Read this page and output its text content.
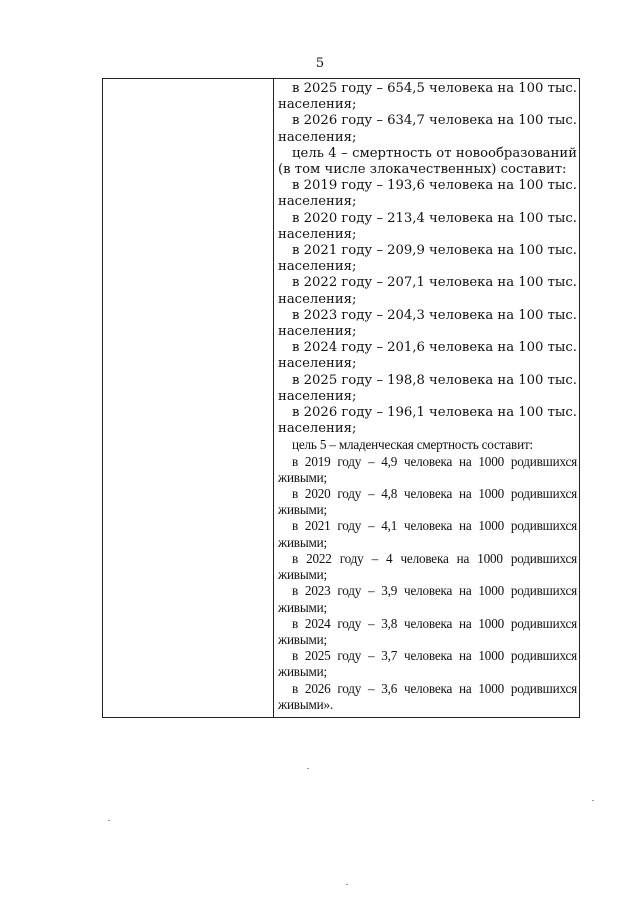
5

в 2025 году – 654,5 человека на 100 тыс.
населения;

в 2026 году – 634,7 человека на 100 тыс.
населения;

цель 4 – смертность от новообразований
(в том числе злокачественных) составит:

в 2019 году – 193,6 человека на 100 тыс.
населения;

в 2020 году – 213,4 человека на 100 тыс.
населения;

в 2021 году – 209,9 человека на 100 тыс.
населения;

в 2022 году – 207,1 человека на 100 тыс.
населения;

в 2023 году – 204,3 человека на 100 тыс.
населения;

в 2024 году – 201,6 человека на 100 тыс.
населения;

в 2025 году – 198,8 человека на 100 тыс.
населения;

в 2026 году – 196,1 человека на 100 тыс.
населения;

цель 5 – младенческая смертность составит:

в 2019 году – 4,9 человека на 1000 родившихся
живыми;

в 2020 году – 4,8 человека на 1000 родившихся
живыми;

в 2021 году – 4,1 человека на 1000 родившихся
живыми;

в 2022 году – 4 человека на 1000 родившихся
живыми;

в 2023 году – 3,9 человека на 1000 родившихся
живыми;

в 2024 году – 3,8 человека на 1000 родившихся
живыми;

в 2025 году – 3,7 человека на 1000 родившихся
живыми;

в 2026 году – 3,6 человека на 1000 родившихся
живыми».
